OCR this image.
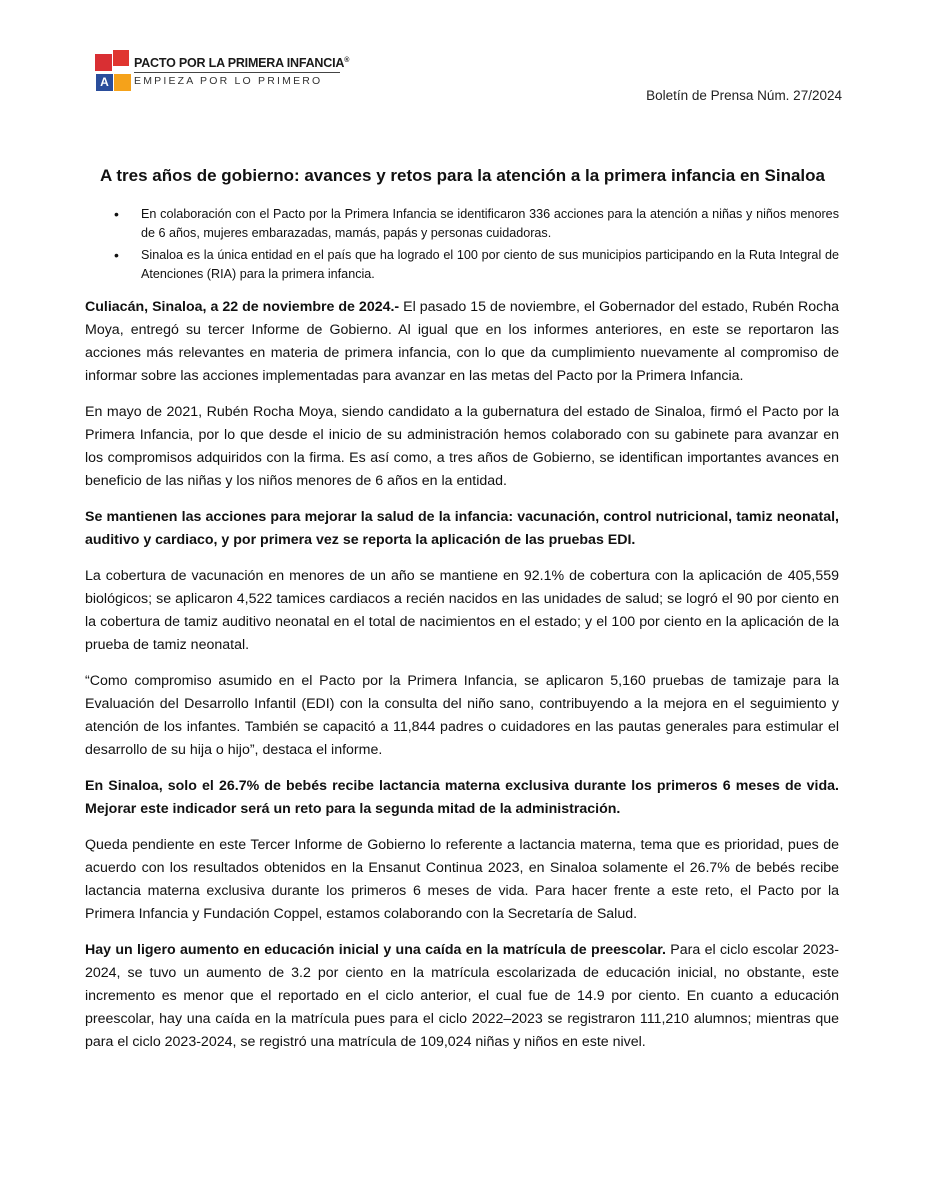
A
PACTO POR LA PRIMERA INFANCIA®
EMPIEZA POR LO PRIMERO
Boletín de Prensa Núm. 27/2024
A tres años de gobierno: avances y retos para la atención a la primera infancia en Sinaloa
• En colaboración con el Pacto por la Primera Infancia se identificaron 336 acciones para la atención a niñas y niños menores de 6 años, mujeres embarazadas, mamás, papás y personas cuidadoras.
• Sinaloa es la única entidad en el país que ha logrado el 100 por ciento de sus municipios participando en la Ruta Integral de Atenciones (RIA) para la primera infancia.

Culiacán, Sinaloa, a 22 de noviembre de 2024.- El pasado 15 de noviembre, el Gobernador del estado, Rubén Rocha Moya, entregó su tercer Informe de Gobierno. Al igual que en los informes anteriores, en este se reportaron las acciones más relevantes en materia de primera infancia, con lo que da cumplimiento nuevamente al compromiso de informar sobre las acciones implementadas para avanzar en las metas del Pacto por la Primera Infancia.

En mayo de 2021, Rubén Rocha Moya, siendo candidato a la gubernatura del estado de Sinaloa, firmó el Pacto por la Primera Infancia, por lo que desde el inicio de su administración hemos colaborado con su gabinete para avanzar en los compromisos adquiridos con la firma. Es así como, a tres años de Gobierno, se identifican importantes avances en beneficio de las niñas y los niños menores de 6 años en la entidad.

Se mantienen las acciones para mejorar la salud de la infancia: vacunación, control nutricional, tamiz neonatal, auditivo y cardiaco, y por primera vez se reporta la aplicación de las pruebas EDI.

La cobertura de vacunación en menores de un año se mantiene en 92.1% de cobertura con la aplicación de 405,559 biológicos; se aplicaron 4,522 tamices cardiacos a recién nacidos en las unidades de salud; se logró el 90 por ciento en la cobertura de tamiz auditivo neonatal en el total de nacimientos en el estado; y el 100 por ciento en la aplicación de la prueba de tamiz neonatal.

“Como compromiso asumido en el Pacto por la Primera Infancia, se aplicaron 5,160 pruebas de tamizaje para la Evaluación del Desarrollo Infantil (EDI) con la consulta del niño sano, contribuyendo a la mejora en el seguimiento y atención de los infantes. También se capacitó a 11,844 padres o cuidadores en las pautas generales para estimular el desarrollo de su hija o hijo”, destaca el informe.

En Sinaloa, solo el 26.7% de bebés recibe lactancia materna exclusiva durante los primeros 6 meses de vida. Mejorar este indicador será un reto para la segunda mitad de la administración.

Queda pendiente en este Tercer Informe de Gobierno lo referente a lactancia materna, tema que es prioridad, pues de acuerdo con los resultados obtenidos en la Ensanut Continua 2023, en Sinaloa solamente el 26.7% de bebés recibe lactancia materna exclusiva durante los primeros 6 meses de vida. Para hacer frente a este reto, el Pacto por la Primera Infancia y Fundación Coppel, estamos colaborando con la Secretaría de Salud.

Hay un ligero aumento en educación inicial y una caída en la matrícula de preescolar. Para el ciclo escolar 2023-2024, se tuvo un aumento de 3.2 por ciento en la matrícula escolarizada de educación inicial, no obstante, este incremento es menor que el reportado en el ciclo anterior, el cual fue de 14.9 por ciento. En cuanto a educación preescolar, hay una caída en la matrícula pues para el ciclo 2022–2023 se registraron 111,210 alumnos; mientras que para el ciclo 2023-2024, se registró una matrícula de 109,024 niñas y niños en este nivel.
